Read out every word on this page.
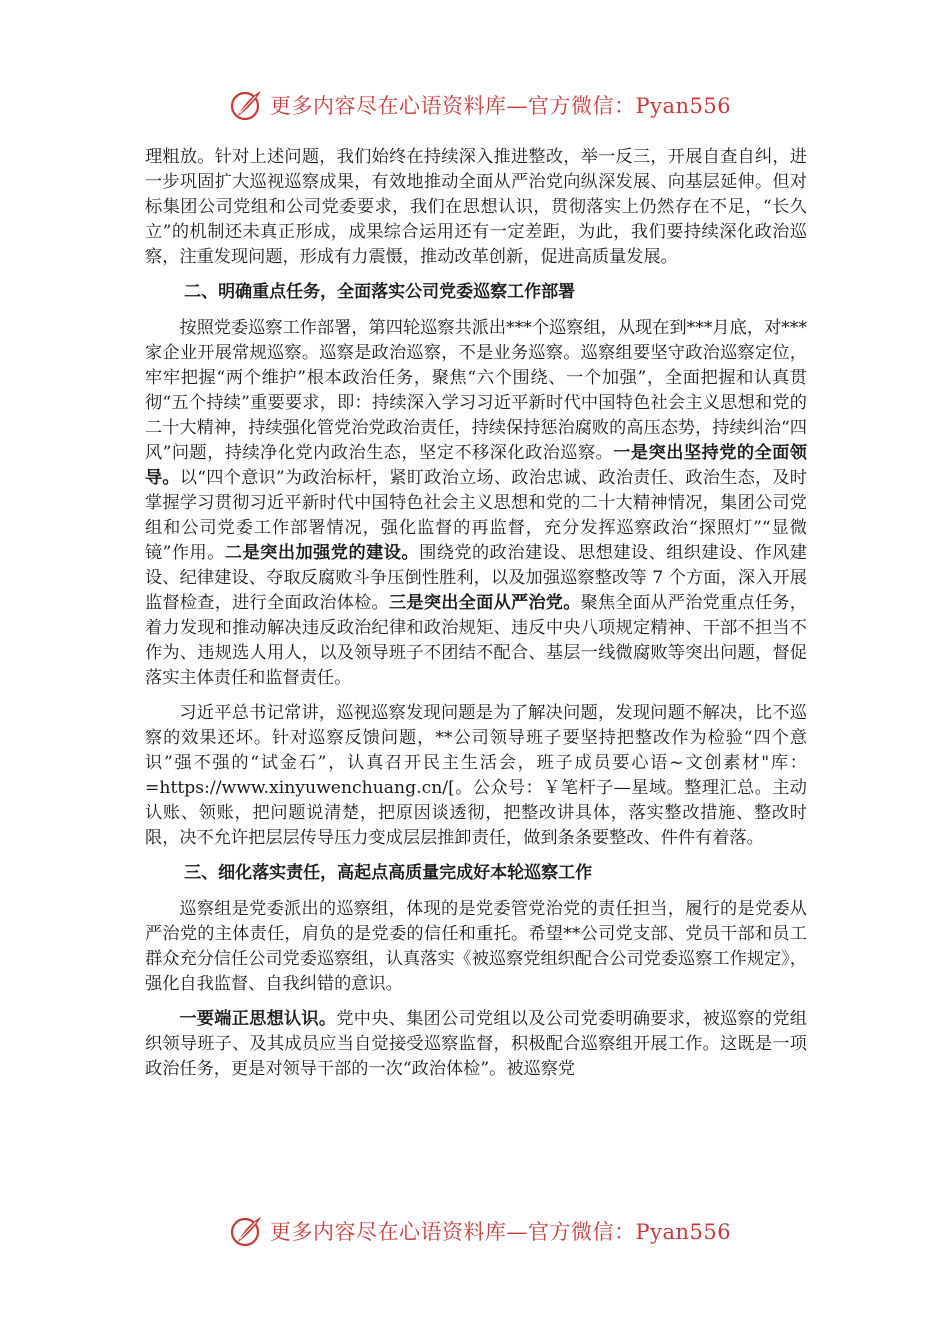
更多内容尽在心语资料库—官方微信：Pyan556

理粗放。针对上述问题，我们始终在持续深入推进整改，举一反三，开展自查自纠，进一步巩固扩大巡视巡察成果，有效地推动全面从严治党向纵深发展、向基层延伸。但对标集团公司党组和公司党委要求，我们在思想认识，贯彻落实上仍然存在不足，“长久立”的机制还未真正形成，成果综合运用还有一定差距，为此，我们要持续深化政治巡察，注重发现问题，形成有力震慑，推动改革创新，促进高质量发展。

二、明确重点任务，全面落实公司党委巡察工作部署

按照党委巡察工作部署，第四轮巡察共派出***个巡察组，从现在到***月底，对***家企业开展常规巡察。巡察是政治巡察，不是业务巡察。巡察组要坚守政治巡察定位，牢牢把握“两个维护”根本政治任务，聚焦“六个围绕、一个加强”，全面把握和认真贯彻“五个持续”重要要求，即：持续深入学习习近平新时代中国特色社会主义思想和党的二十大精神，持续强化管党治党政治责任，持续保持惩治腐败的高压态势，持续纠治“四风”问题，持续净化党内政治生态，坚定不移深化政治巡察。一是突出坚持党的全面领导。以“四个意识”为政治标杆，紧盯政治立场、政治忠诚、政治责任、政治生态，及时掌握学习贯彻习近平新时代中国特色社会主义思想和党的二十大精神情况，集团公司党组和公司党委工作部署情况，强化监督的再监督，充分发挥巡察政治“探照灯”“显微镜”作用。二是突出加强党的建设。围绕党的政治建设、思想建设、组织建设、作风建设、纪律建设、夺取反腐败斗争压倒性胜利，以及加强巡察整改等 7 个方面，深入开展监督检查，进行全面政治体检。三是突出全面从严治党。聚焦全面从严治党重点任务，着力发现和推动解决违反政治纪律和政治规矩、违反中央八项规定精神、干部不担当不作为、违规选人用人，以及领导班子不团结不配合、基层一线微腐败等突出问题，督促落实主体责任和监督责任。

习近平总书记常讲，巡视巡察发现问题是为了解决问题，发现问题不解决，比不巡察的效果还坏。针对巡察反馈问题，**公司领导班子要坚持把整改作为检验“四个意识”强不强的“试金石”，认真召开民主生活会，班子成员要心语~文创素材"库：=https://www.xinyuwenchuang.cn/[。公众号：￥笔杆子—星域。整理汇总。主动认账、领账，把问题说清楚，把原因谈透彻，把整改讲具体，落实整改措施、整改时限，决不允许把层层传导压力变成层层推卸责任，做到条条要整改、件件有着落。

三、细化落实责任，高起点高质量完成好本轮巡察工作

巡察组是党委派出的巡察组，体现的是党委管党治党的责任担当，履行的是党委从严治党的主体责任，肩负的是党委的信任和重托。希望**公司党支部、党员干部和员工群众充分信任公司党委巡察组，认真落实《被巡察党组织配合公司党委巡察工作规定》，强化自我监督、自我纠错的意识。

一要端正思想认识。党中央、集团公司党组以及公司党委明确要求，被巡察的党组织领导班子、及其成员应当自觉接受巡察监督，积极配合巡察组开展工作。这既是一项政治任务，更是对领导干部的一次“政治体检”。被巡察党

更多内容尽在心语资料库—官方微信：Pyan556
